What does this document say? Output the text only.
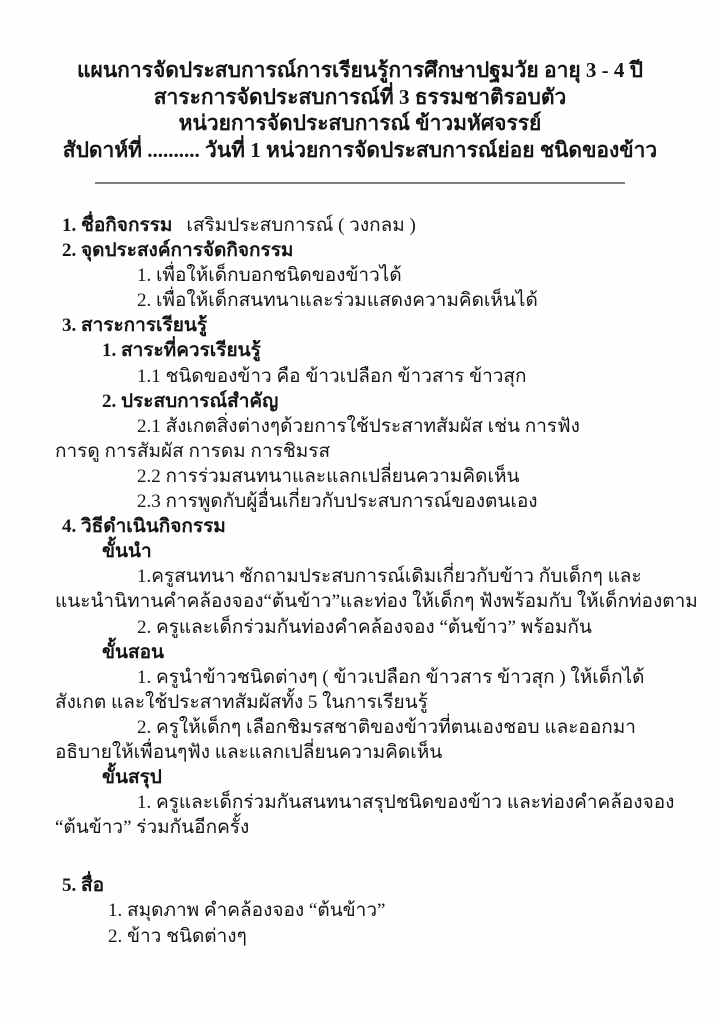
แผนการจัดประสบการณ์การเรียนรู้การศึกษาปฐมวัย อายุ 3 - 4 ปี
สาระการจัดประสบการณ์ที่ 3 ธรรมชาติรอบตัว
หน่วยการจัดประสบการณ์ ข้าวมหัศจรรย์
สัปดาห์ที่ .......... วันที่ 1 หน่วยการจัดประสบการณ์ย่อย ชนิดของข้าว
1. ชื่อกิจกรรม เสริมประสบการณ์ ( วงกลม )
2. จุดประสงค์การจัดกิจกรรม
1. เพื่อให้เด็กบอกชนิดของข้าวได้
2. เพื่อให้เด็กสนทนาและร่วมแสดงความคิดเห็นได้
3. สาระการเรียนรู้
1. สาระที่ควรเรียนรู้
1.1 ชนิดของข้าว คือ ข้าวเปลือก ข้าวสาร ข้าวสุก
2. ประสบการณ์สำคัญ
2.1 สังเกตสิ่งต่างๆด้วยการใช้ประสาทสัมผัส เช่น การฟัง
การดู การสัมผัส การดม การชิมรส
2.2 การร่วมสนทนาและแลกเปลี่ยนความคิดเห็น
2.3 การพูดกับผู้อื่นเกี่ยวกับประสบการณ์ของตนเอง
4. วิธีดำเนินกิจกรรม
ขั้นนำ
1.ครูสนทนา ซักถามประสบการณ์เดิมเกี่ยวกับข้าว กับเด็กๆ และ
แนะนำนิทานคำคล้องจอง“ต้นข้าว”และท่อง ให้เด็กๆ ฟังพร้อมกับ ให้เด็กท่องตาม
2. ครูและเด็กร่วมกันท่องคำคล้องจอง “ต้นข้าว” พร้อมกัน
ขั้นสอน
1. ครูนำข้าวชนิดต่างๆ ( ข้าวเปลือก ข้าวสาร ข้าวสุก ) ให้เด็กได้
สังเกต และใช้ประสาทสัมผัสทั้ง 5 ในการเรียนรู้
2. ครูให้เด็กๆ เลือกชิมรสชาติของข้าวที่ตนเองชอบ และออกมา
อธิบายให้เพื่อนๆฟัง และแลกเปลี่ยนความคิดเห็น
ขั้นสรุป
1. ครูและเด็กร่วมกันสนทนาสรุปชนิดของข้าว และท่องคำคล้องจอง
“ต้นข้าว” ร่วมกันอีกครั้ง
5. สื่อ
1. สมุดภาพ คำคล้องจอง “ต้นข้าว”
2. ข้าว ชนิดต่างๆ
